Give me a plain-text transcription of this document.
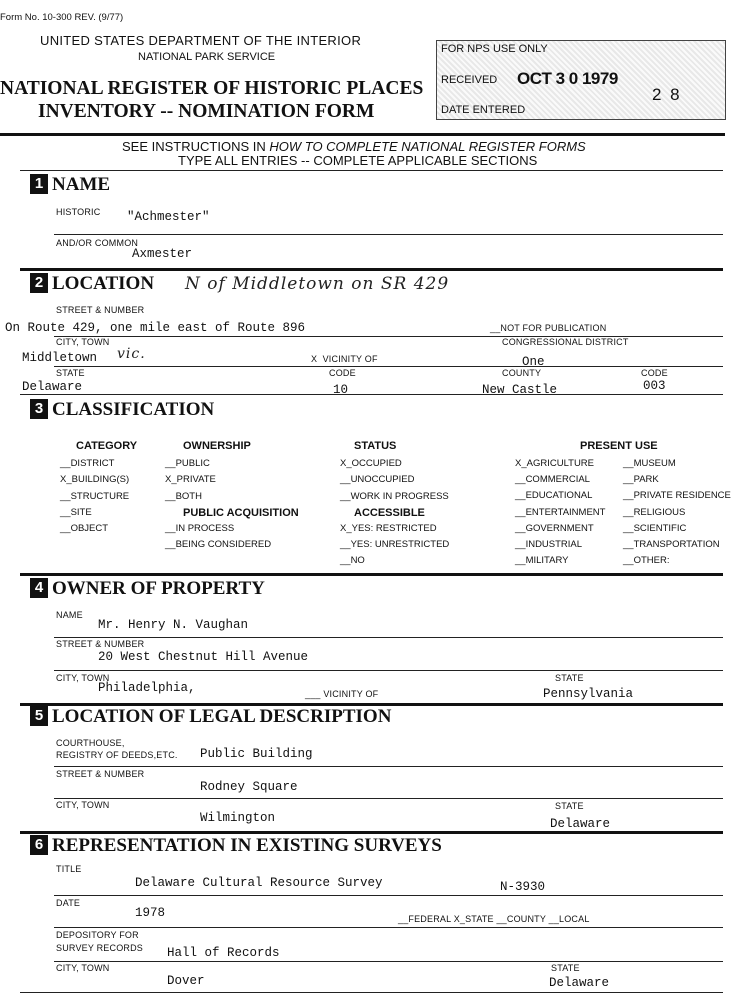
Form No. 10-300 REV. (9/77)
UNITED STATES DEPARTMENT OF THE INTERIOR
NATIONAL PARK SERVICE
NATIONAL REGISTER OF HISTORIC PLACES
INVENTORY -- NOMINATION FORM
FOR NPS USE ONLY
RECEIVED OCT 3 0 1979
2 8
DATE ENTERED
SEE INSTRUCTIONS IN HOW TO COMPLETE NATIONAL REGISTER FORMS
TYPE ALL ENTRIES -- COMPLETE APPLICABLE SECTIONS
1 NAME
HISTORIC "Achmester"
AND/OR COMMON
Axmester
2 LOCATION N of Middletown on SR 429
STREET & NUMBER
On Route 429, one mile east of Route 896	__NOT FOR PUBLICATION
CITY, TOWN	CONGRESSIONAL DISTRICT
Middletown vic.	X VICINITY OF	One
STATE	CODE	COUNTY	CODE
Delaware	10	New Castle	003
3 CLASSIFICATION
CATEGORY
__DISTRICT
X_BUILDING(S)
__STRUCTURE
__SITE
__OBJECT
OWNERSHIP
__PUBLIC
X_PRIVATE
__BOTH
PUBLIC ACQUISITION
__IN PROCESS
__BEING CONSIDERED
STATUS
X_OCCUPIED
__UNOCCUPIED
__WORK IN PROGRESS
ACCESSIBLE
X_YES: RESTRICTED
__YES: UNRESTRICTED
__NO
PRESENT USE
X_AGRICULTURE
__COMMERCIAL
__EDUCATIONAL
__ENTERTAINMENT
__GOVERNMENT
__INDUSTRIAL
__MILITARY
__MUSEUM
__PARK
__PRIVATE RESIDENCE
__RELIGIOUS
__SCIENTIFIC
__TRANSPORTATION
__OTHER:
4 OWNER OF PROPERTY
NAME
Mr. Henry N. Vaughan
STREET & NUMBER
20 West Chestnut Hill Avenue
CITY, TOWN	STATE
Philadelphia,	___ VICINITY OF	Pennsylvania
5 LOCATION OF LEGAL DESCRIPTION
COURTHOUSE,
REGISTRY OF DEEDS,ETC. Public Building
STREET & NUMBER
Rodney Square
CITY, TOWN	STATE
Wilmington	Delaware
6 REPRESENTATION IN EXISTING SURVEYS
TITLE
Delaware Cultural Resource Survey	N-3930
DATE
1978	__FEDERAL X_STATE __COUNTY __LOCAL
DEPOSITORY FOR
SURVEY RECORDS Hall of Records
CITY, TOWN	STATE
Dover	Delaware
